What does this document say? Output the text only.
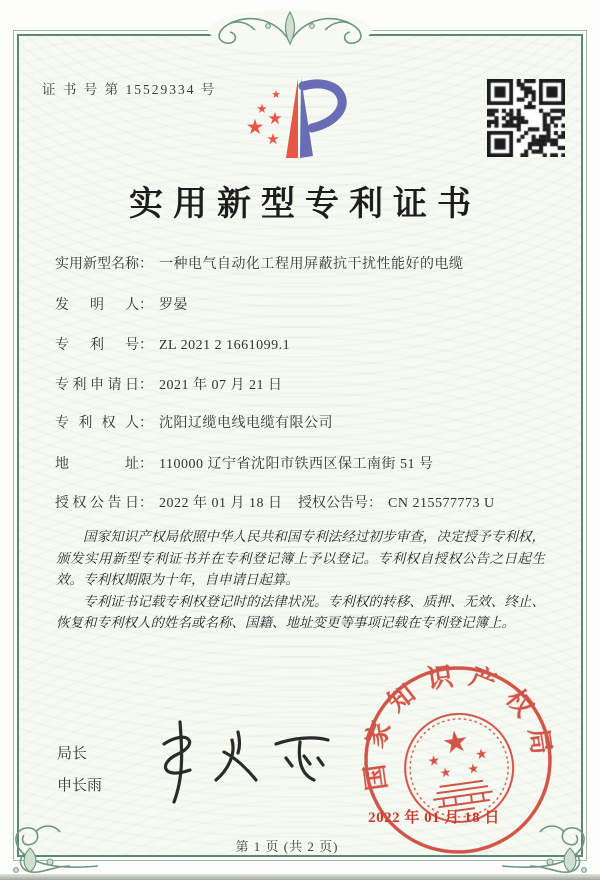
证 书 号 第 15529334 号	★
★
★
★
★
实用新型专利证书
实用新型名称： 一种电气自动化工程用屏蔽抗干扰性能好的电缆
发明人： 罗晏
专利号： ZL 2021 2 1661099.1
专利申请日： 2021 年 07 月 21 日
专利权人： 沈阳辽缆电线电缆有限公司
地址： 110000 辽宁省沈阳市铁西区保工南街 51 号
授权公告日： 2022 年 01 月 18 日 授权公告号： CN 215577773 U

国家知识产权局依照中华人民共和国专利法经过初步审查，决定授予专利权，颁发实用新型专利证书并在专利登记簿上予以登记。专利权自授权公告之日起生效。专利权期限为十年，自申请日起算。

专利证书记载专利权登记时的法律状况。专利权的转移、质押、无效、终止、恢复和专利权人的姓名或名称、国籍、地址变更等事项记载在专利登记簿上。

局长
申长雨	国家知识产权局
★
★ ★
★ ★
2022 年 01 月 18 日
第 1 页 (共 2 页)
